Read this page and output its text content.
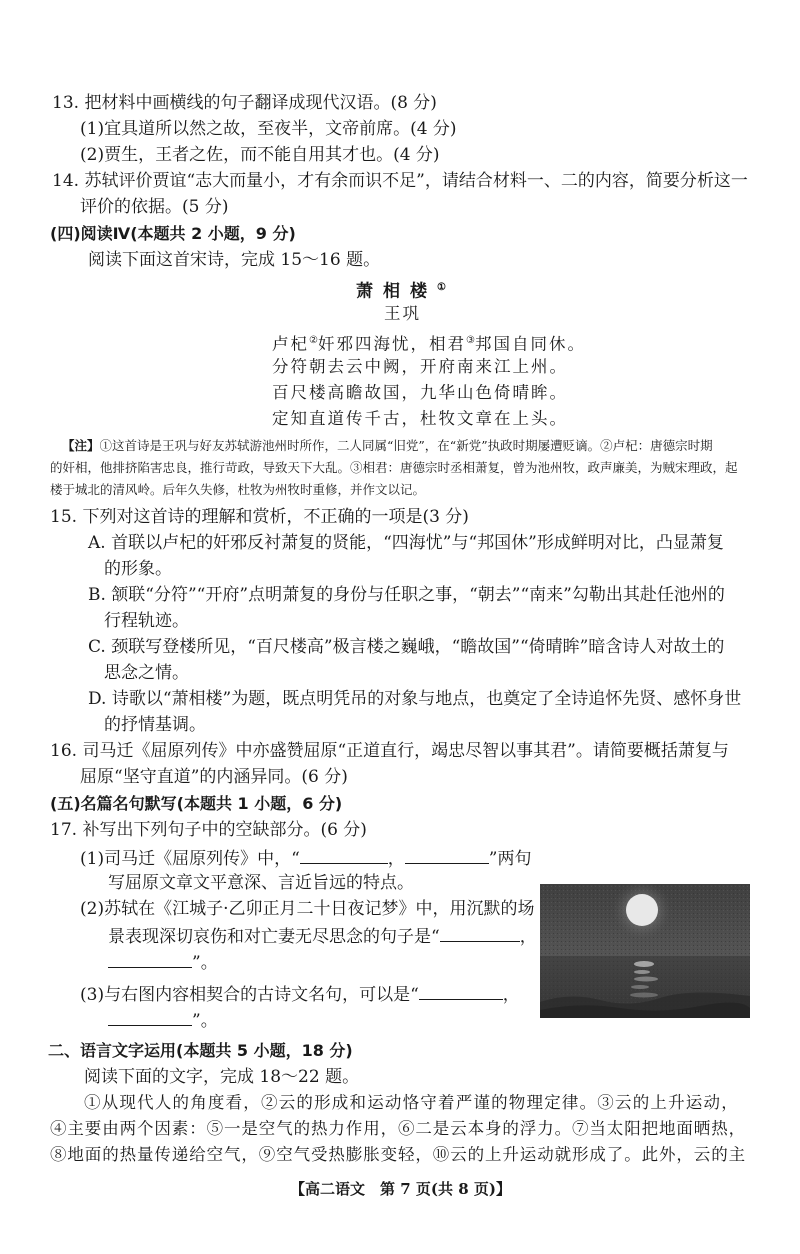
13. 把材料中画横线的句子翻译成现代汉语。(8 分)
(1)宜具道所以然之故，至夜半，文帝前席。(4 分)
(2)贾生，王者之佐，而不能自用其才也。(4 分)
14. 苏轼评价贾谊“志大而量小，才有余而识不足”，请结合材料一、二的内容，简要分析这一
评价的依据。(5 分)
(四)阅读Ⅳ(本题共 2 小题，9 分)
阅读下面这首宋诗，完成 15～16 题。
萧相楼①
王巩
卢杞②奸邪四海忧，相君③邦国自同休。
分符朝去云中阙，开府南来江上州。
百尺楼高瞻故国，九华山色倚晴眸。
定知直道传千古，杜牧文章在上头。
【注】①这首诗是王巩与好友苏轼游池州时所作，二人同属“旧党”，在“新党”执政时期屡遭贬谪。②卢杞：唐德宗时期
的奸相，他排挤陷害忠良，推行苛政，导致天下大乱。③相君：唐德宗时丞相萧复，曾为池州牧，政声廉美，为贼宋理政，起
楼于城北的清风岭。后年久失修，杜牧为州牧时重修，并作文以记。
15. 下列对这首诗的理解和赏析，不正确的一项是(3 分)
A. 首联以卢杞的奸邪反衬萧复的贤能，“四海忧”与“邦国休”形成鲜明对比，凸显萧复
的形象。
B. 颔联“分符”“开府”点明萧复的身份与任职之事，“朝去”“南来”勾勒出其赴任池州的
行程轨迹。
C. 颈联写登楼所见，“百尺楼高”极言楼之巍峨，“瞻故国”“倚晴眸”暗含诗人对故土的
思念之情。
D. 诗歌以“萧相楼”为题，既点明凭吊的对象与地点，也奠定了全诗追怀先贤、感怀身世
的抒情基调。
16. 司马迁《屈原列传》中亦盛赞屈原“正道直行，竭忠尽智以事其君”。请简要概括萧复与
屈原“坚守直道”的内涵异同。(6 分)
(五)名篇名句默写(本题共 1 小题，6 分)
17. 补写出下列句子中的空缺部分。(6 分)
(1)司马迁《屈原列传》中，“	，	”两句
写屈原文章文平意深、言近旨远的特点。
(2)苏轼在《江城子·乙卯正月二十日夜记梦》中，用沉默的场
景表现深切哀伤和对亡妻无尽思念的句子是“	，
”。
(3)与右图内容相契合的古诗文名句，可以是“	，
”。
二、语言文字运用(本题共 5 小题，18 分)
阅读下面的文字，完成 18～22 题。
①从现代人的角度看，②云的形成和运动恪守着严谨的物理定律。③云的上升运动，
④主要由两个因素：⑤一是空气的热力作用，⑥二是云本身的浮力。⑦当太阳把地面晒热，
⑧地面的热量传递给空气，⑨空气受热膨胀变轻，⑩云的上升运动就形成了。此外，云的主
【高二语文　第 7 页(共 8 页)】
